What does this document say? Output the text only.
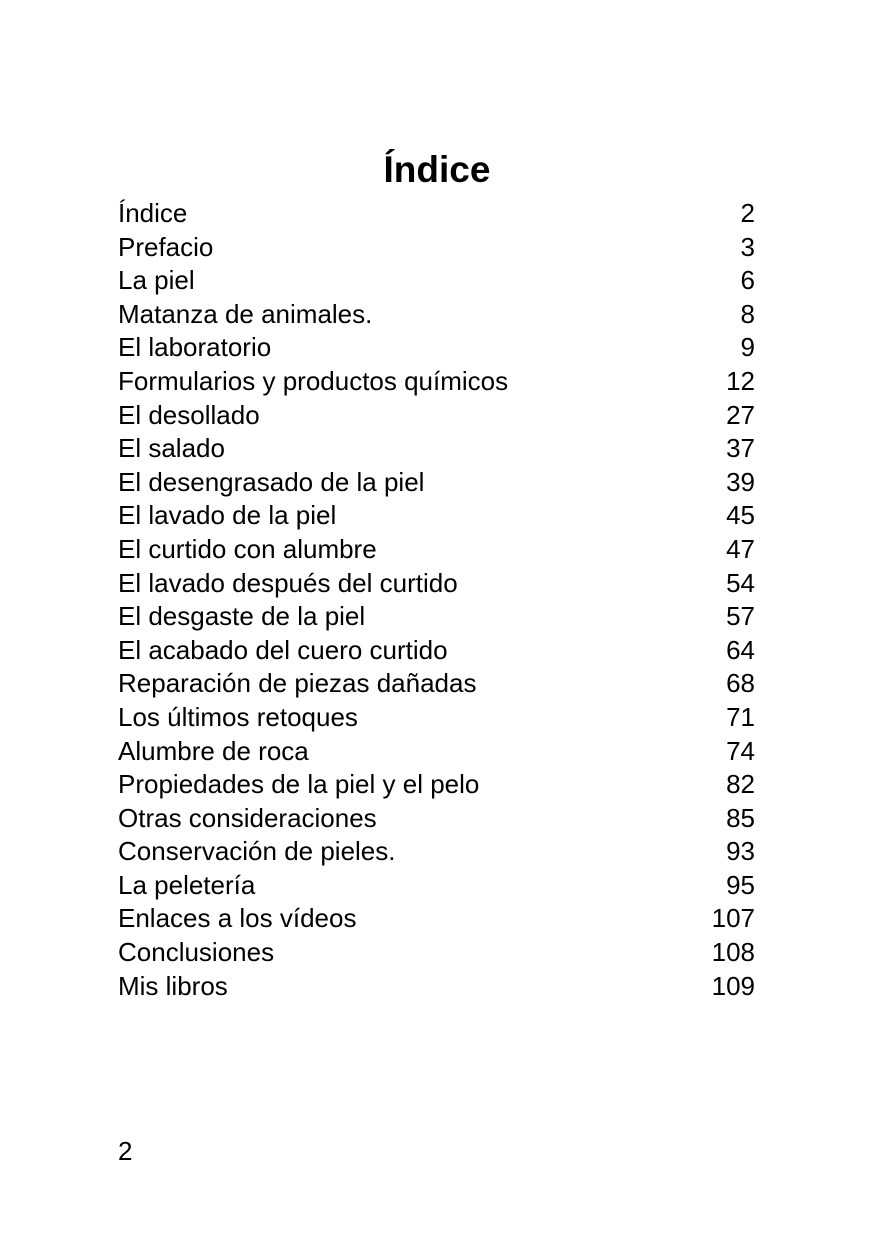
Índice
Índice	2
Prefacio	3
La piel	6
Matanza de animales.	8
El laboratorio	9
Formularios y productos químicos	12
El desollado	27
El salado	37
El desengrasado de la piel	39
El lavado de la piel	45
El curtido con alumbre	47
El lavado después del curtido	54
El desgaste de la piel	57
El acabado del cuero curtido	64
Reparación de piezas dañadas	68
Los últimos retoques	71
Alumbre de roca	74
Propiedades de la piel y el pelo	82
Otras consideraciones	85
Conservación de pieles.	93
La peletería	95
Enlaces a los vídeos	107
Conclusiones	108
Mis libros	109
2
